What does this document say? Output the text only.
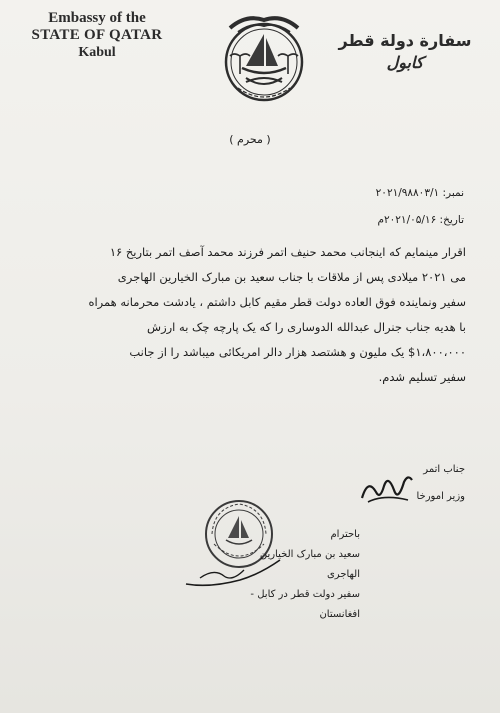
Embassy of the
STATE OF QATAR
Kabul
سفارة دولة قطر
كابول
( محرم )
نمبر: ۲۰۲۱/۹۸۸۰۳/۱
تاریخ: ۲۰۲۱/۰۵/۱۶م
اقرار مینمایم که اینجانب محمد حنیف اتمر فرزند محمد آصف اتمر بتاریخ ۱۶
می ۲۰۲۱ میلادی پس از ملاقات با جناب سعید بن مبارک الخیارین الهاجری
سفیر ونماینده فوق العاده دولت قطر مقیم کابل داشتم ، یادشت محرمانه همراه
با هدیه جناب جنرال عبدالله الدوساری را که یک پارچه چک به ارزش
$۱،۸۰۰،۰۰۰ یک ملیون و هشتصد هزار دالر امریکائی میباشد را از جانب
سفیر تسلیم شدم.
جناب اتمر
وزیر امورخا
باحترام
سعید بن مبارک الخیارین الهاجری
سفیر دولت قطر در کابل - افغانستان
